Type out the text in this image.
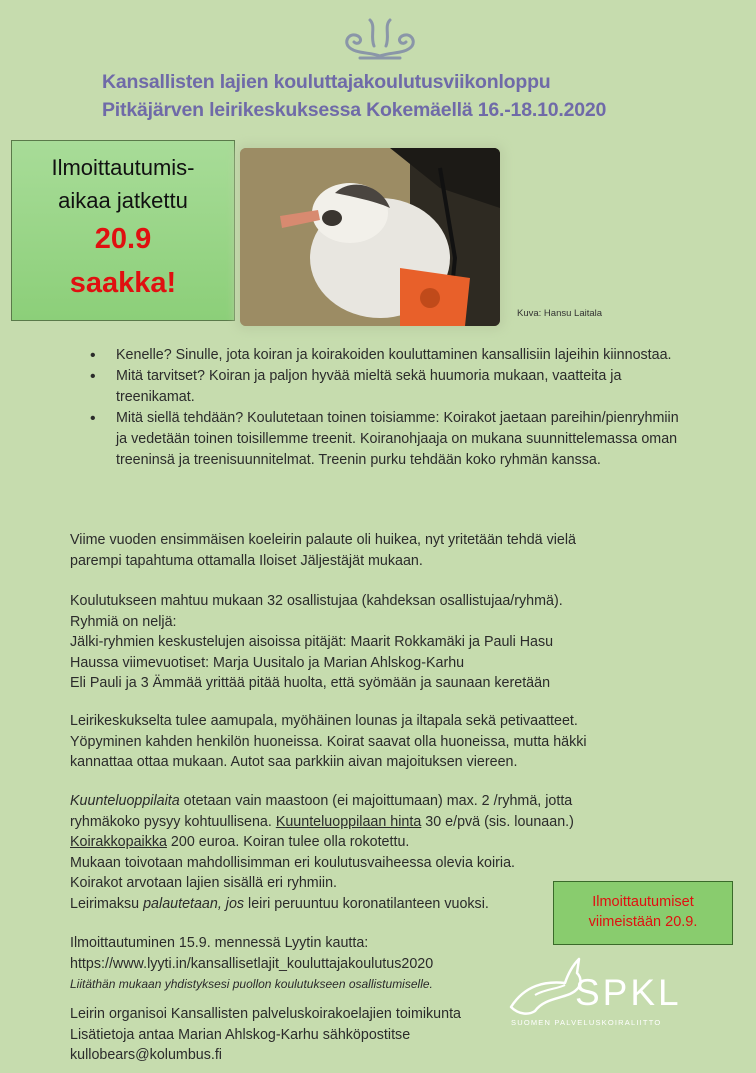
Kansallisten lajien kouluttajakoulutusviikonloppu
Pitkäjärven leirikeskuksessa Kokemäellä 16.-18.10.2020
Ilmoittautumis-
aikaa jatkettu
20.9
saakka!
Kuva: Hansu Laitala
• Kenelle? Sinulle, jota koiran ja koirakoiden kouluttaminen kansallisiin lajeihin kiinnostaa.
• Mitä tarvitset? Koiran ja paljon hyvää mieltä sekä huumoria mukaan, vaatteita ja treenikamat.
• Mitä siellä tehdään? Koulutetaan toinen toisiamme: Koirakot jaetaan pareihin/pienryhmiin ja vedetään toinen toisillemme treenit. Koiranohjaaja on mukana suunnittelemassa oman treeninsä ja treenisuunnitelmat. Treenin purku tehdään koko ryhmän kanssa.
Viime vuoden ensimmäisen koeleirin palaute oli huikea, nyt yritetään tehdä vielä
parempi tapahtuma ottamalla Iloiset Jäljestäjät mukaan.
Koulutukseen mahtuu mukaan 32 osallistujaa (kahdeksan osallistujaa/ryhmä).
Ryhmiä on neljä:
Jälki-ryhmien keskustelujen aisoissa pitäjät: Maarit Rokkamäki ja Pauli Hasu
Haussa viimevuotiset: Marja Uusitalo ja Marian Ahlskog-Karhu
Eli Pauli ja 3 Ämmää yrittää pitää huolta, että syömään ja saunaan keretään
Leirikeskukselta tulee aamupala, myöhäinen lounas ja iltapala sekä petivaatteet.
Yöpyminen kahden henkilön huoneissa. Koirat saavat olla huoneissa, mutta häkki
kannattaa ottaa mukaan. Autot saa parkkiin aivan majoituksen viereen.
Kuunteluoppilaita otetaan vain maastoon (ei majoittumaan) max. 2 /ryhmä, jotta
ryhmäkoko pysyy kohtuullisena. Kuunteluoppilaan hinta 30 e/pvä (sis. lounaan.)
Koirakkopaikka 200 euroa. Koiran tulee olla rokotettu.
Mukaan toivotaan mahdollisimman eri koulutusvaiheessa olevia koiria.
Koirakot arvotaan lajien sisällä eri ryhmiin.
Leirimaksu palautetaan, jos leiri peruuntuu koronatilanteen vuoksi.
Ilmoittautuminen 15.9. mennessä Lyytin kautta:
https://www.lyyti.in/kansallisetlajit_kouluttajakoulutus2020
Liitäthän mukaan yhdistyksesi puollon koulutukseen osallistumiselle.
Leirin organisoi Kansallisten palveluskoirakoelajien toimikunta
Lisätietoja antaa Marian Ahlskog-Karhu sähköpostitse
kullobears@kolumbus.fi
Ilmoittautumiset
viimeistään 20.9.
SPKL
SUOMEN PALVELUSKOIRALIITTO
